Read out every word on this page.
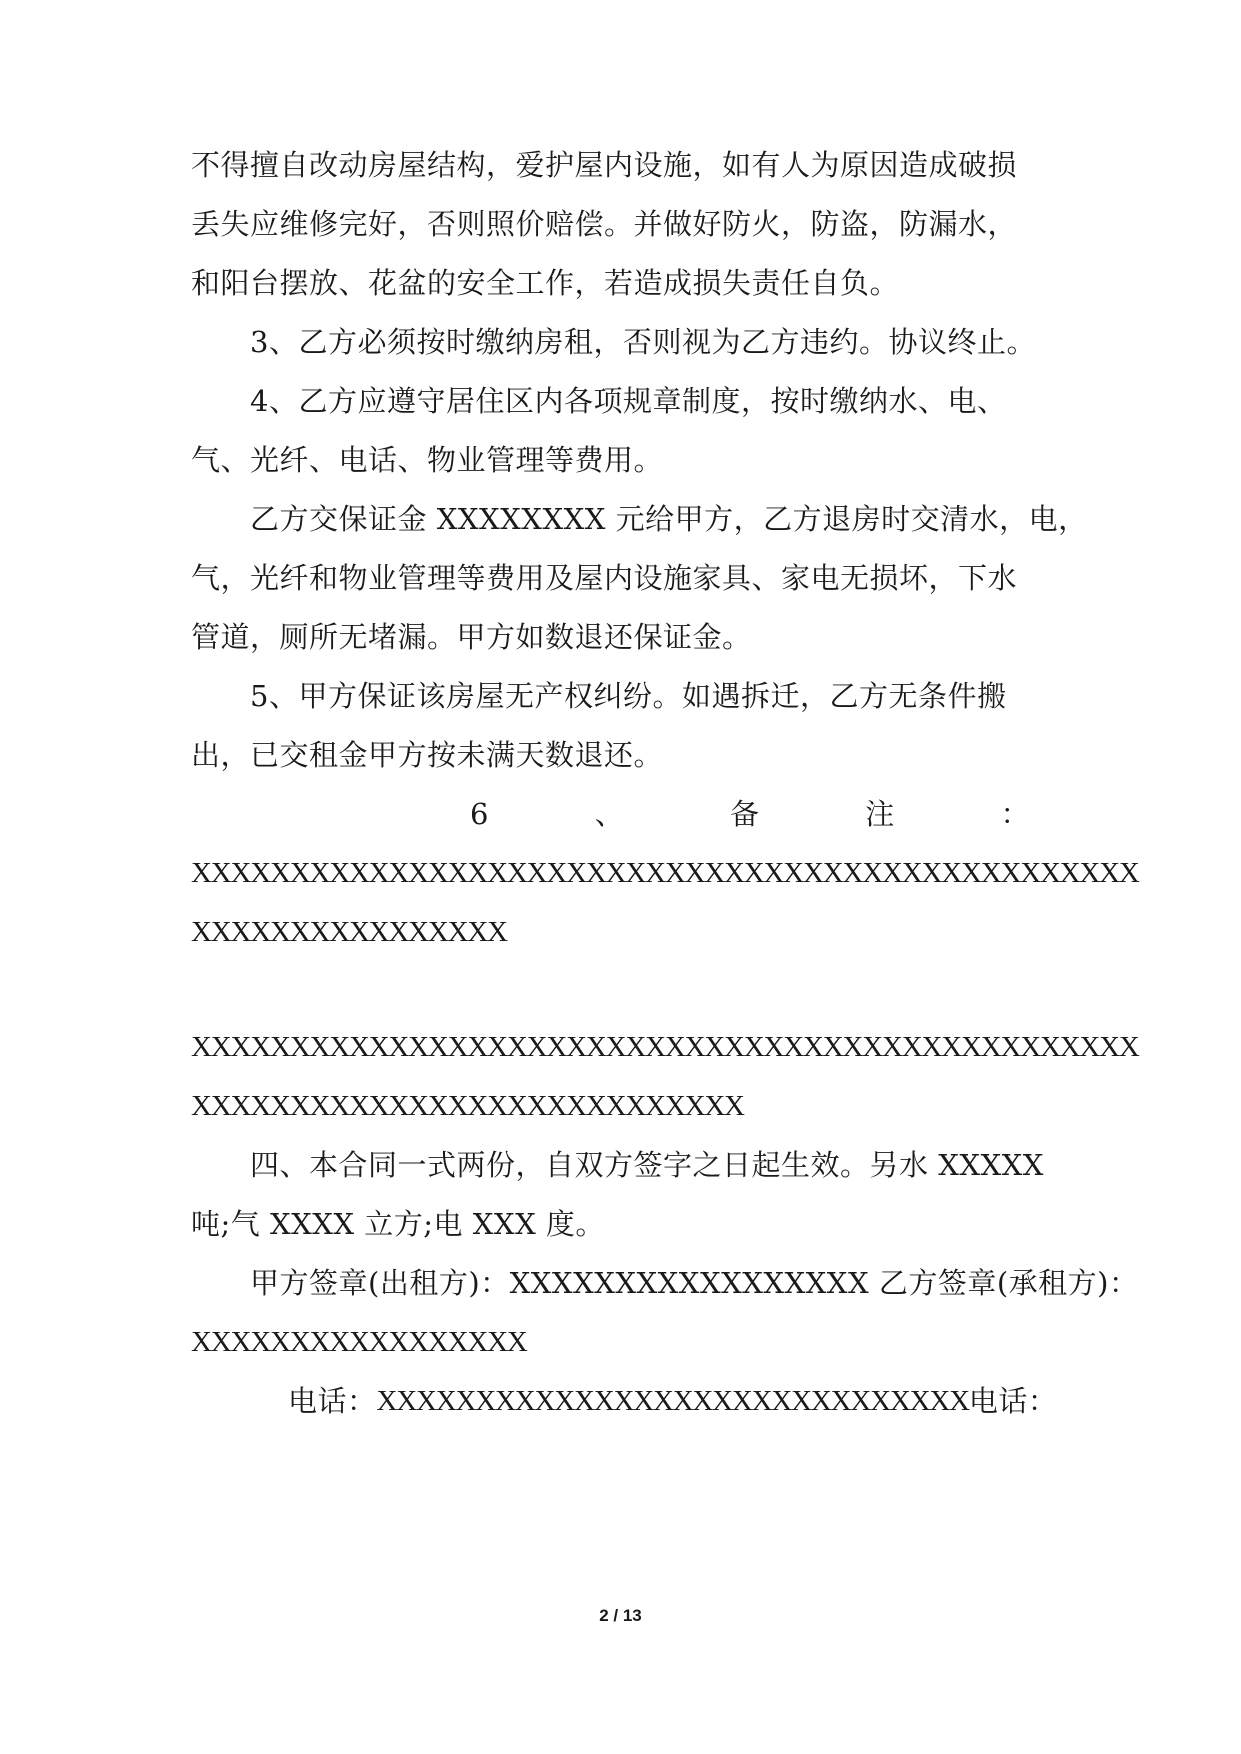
不得擅自改动房屋结构，爱护屋内设施，如有人为原因造成破损
丢失应维修完好，否则照价赔偿。并做好防火，防盗，防漏水，
和阳台摆放、花盆的安全工作，若造成损失责任自负。
3、乙方必须按时缴纳房租，否则视为乙方违约。协议终止。
4、乙方应遵守居住区内各项规章制度，按时缴纳水、电、
气、光纤、电话、物业管理等费用。
乙方交保证金 XXXXXXXX 元给甲方，乙方退房时交清水，电，
气，光纤和物业管理等费用及屋内设施家具、家电无损坏，下水
管道，厕所无堵漏。甲方如数退还保证金。
5、甲方保证该房屋无产权纠纷。如遇拆迁，乙方无条件搬
出，已交租金甲方按未满天数退还。
6	、	备	注	：
XXXXXXXXXXXXXXXXXXXXXXXXXXXXXXXXXXXXXXXXXXXXXXXX
XXXXXXXXXXXXXXXX
XXXXXXXXXXXXXXXXXXXXXXXXXXXXXXXXXXXXXXXXXXXXXXXX
XXXXXXXXXXXXXXXXXXXXXXXXXXXX
四、本合同一式两份，自双方签字之日起生效。另水 XXXXX
吨;气 XXXX 立方;电 XXX 度。
甲方签章(出租方)：XXXXXXXXXXXXXXXXX 乙方签章(承租方)：
XXXXXXXXXXXXXXXXX
电 话 ： XXXXXXXXXXXXXXXXXXXXXXXXXXXXXX 电 话 ：
2 / 13
